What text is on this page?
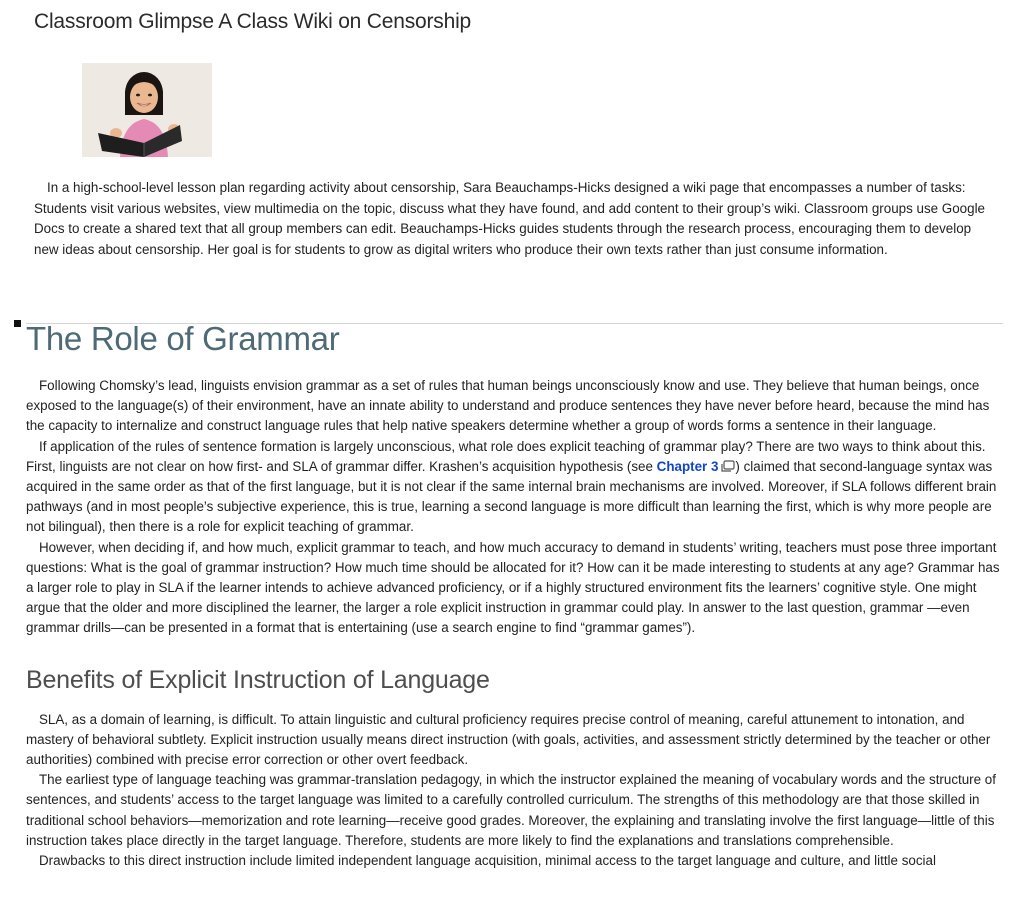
Classroom Glimpse A Class Wiki on Censorship

In a high-school-level lesson plan regarding activity about censorship, Sara Beauchamps-Hicks designed a wiki page that encompasses a number of tasks: Students visit various websites, view multimedia on the topic, discuss what they have found, and add content to their group’s wiki. Classroom groups use Google Docs to create a shared text that all group members can edit. Beauchamps-Hicks guides students through the research process, encouraging them to develop new ideas about censorship. Her goal is for students to grow as digital writers who produce their own texts rather than just consume information.

The Role of Grammar

Following Chomsky’s lead, linguists envision grammar as a set of rules that human beings unconsciously know and use. They believe that human beings, once exposed to the language(s) of their environment, have an innate ability to understand and produce sentences they have never before heard, because the mind has the capacity to internalize and construct language rules that help native speakers determine whether a group of words forms a sentence in their language.

If application of the rules of sentence formation is largely unconscious, what role does explicit teaching of grammar play? There are two ways to think about this. First, linguists are not clear on how first- and SLA of grammar differ. Krashen’s acquisition hypothesis (see Chapter 3 ) claimed that second-language syntax was acquired in the same order as that of the first language, but it is not clear if the same internal brain mechanisms are involved. Moreover, if SLA follows different brain pathways (and in most people’s subjective experience, this is true, learning a second language is more difficult than learning the first, which is why more people are not bilingual), then there is a role for explicit teaching of grammar.

However, when deciding if, and how much, explicit grammar to teach, and how much accuracy to demand in students’ writing, teachers must pose three important questions: What is the goal of grammar instruction? How much time should be allocated for it? How can it be made interesting to students at any age? Grammar has a larger role to play in SLA if the learner intends to achieve advanced proficiency, or if a highly structured environment fits the learners’ cognitive style. One might argue that the older and more disciplined the learner, the larger a role explicit instruction in grammar could play. In answer to the last question, grammar —even grammar drills—can be presented in a format that is entertaining (use a search engine to find “grammar games”).

Benefits of Explicit Instruction of Language

SLA, as a domain of learning, is difficult. To attain linguistic and cultural proficiency requires precise control of meaning, careful attunement to intonation, and mastery of behavioral subtlety. Explicit instruction usually means direct instruction (with goals, activities, and assessment strictly determined by the teacher or other authorities) combined with precise error correction or other overt feedback.

The earliest type of language teaching was grammar-translation pedagogy, in which the instructor explained the meaning of vocabulary words and the structure of sentences, and students’ access to the target language was limited to a carefully controlled curriculum. The strengths of this methodology are that those skilled in traditional school behaviors—memorization and rote learning—receive good grades. Moreover, the explaining and translating involve the first language—little of this instruction takes place directly in the target language. Therefore, students are more likely to find the explanations and translations comprehensible.

Drawbacks to this direct instruction include limited independent language acquisition, minimal access to the target language and culture, and little social
